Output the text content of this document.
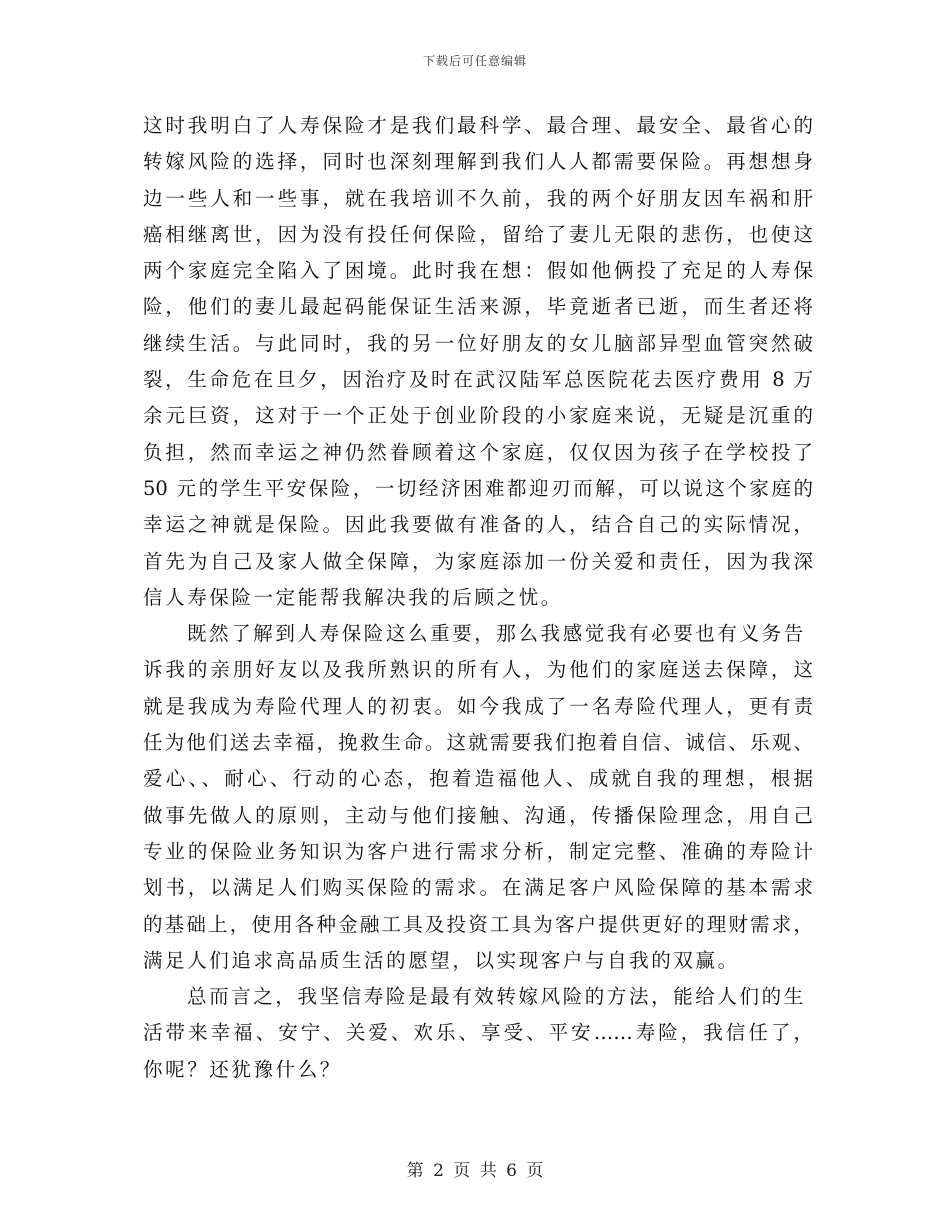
下载后可任意编辑
这时我明白了人寿保险才是我们最科学、最合理、最安全、最省心的
转嫁风险的选择，同时也深刻理解到我们人人都需要保险。再想想身
边一些人和一些事，就在我培训不久前，我的两个好朋友因车祸和肝
癌相继离世，因为没有投任何保险，留给了妻儿无限的悲伤，也使这
两个家庭完全陷入了困境。此时我在想：假如他俩投了充足的人寿保
险，他们的妻儿最起码能保证生活来源，毕竟逝者已逝，而生者还将
继续生活。与此同时，我的另一位好朋友的女儿脑部异型血管突然破
裂，生命危在旦夕，因治疗及时在武汉陆军总医院花去医疗费用 8 万
余元巨资，这对于一个正处于创业阶段的小家庭来说，无疑是沉重的
负担，然而幸运之神仍然眷顾着这个家庭，仅仅因为孩子在学校投了
50 元的学生平安保险，一切经济困难都迎刃而解，可以说这个家庭的
幸运之神就是保险。因此我要做有准备的人，结合自己的实际情况，
首先为自己及家人做全保障，为家庭添加一份关爱和责任，因为我深
信人寿保险一定能帮我解决我的后顾之忧。
既然了解到人寿保险这么重要，那么我感觉我有必要也有义务告
诉我的亲朋好友以及我所熟识的所有人，为他们的家庭送去保障，这
就是我成为寿险代理人的初衷。如今我成了一名寿险代理人，更有责
任为他们送去幸福，挽救生命。这就需要我们抱着自信、诚信、乐观、
爱心、、耐心、行动的心态，抱着造福他人、成就自我的理想，根据
做事先做人的原则，主动与他们接触、沟通，传播保险理念，用自己
专业的保险业务知识为客户进行需求分析，制定完整、准确的寿险计
划书，以满足人们购买保险的需求。在满足客户风险保障的基本需求
的基础上，使用各种金融工具及投资工具为客户提供更好的理财需求，
满足人们追求高品质生活的愿望，以实现客户与自我的双赢。
总而言之，我坚信寿险是最有效转嫁风险的方法，能给人们的生
活带来幸福、安宁、关爱、欢乐、享受、平安……寿险，我信任了，
你呢？还犹豫什么？
第 2 页 共 6 页
